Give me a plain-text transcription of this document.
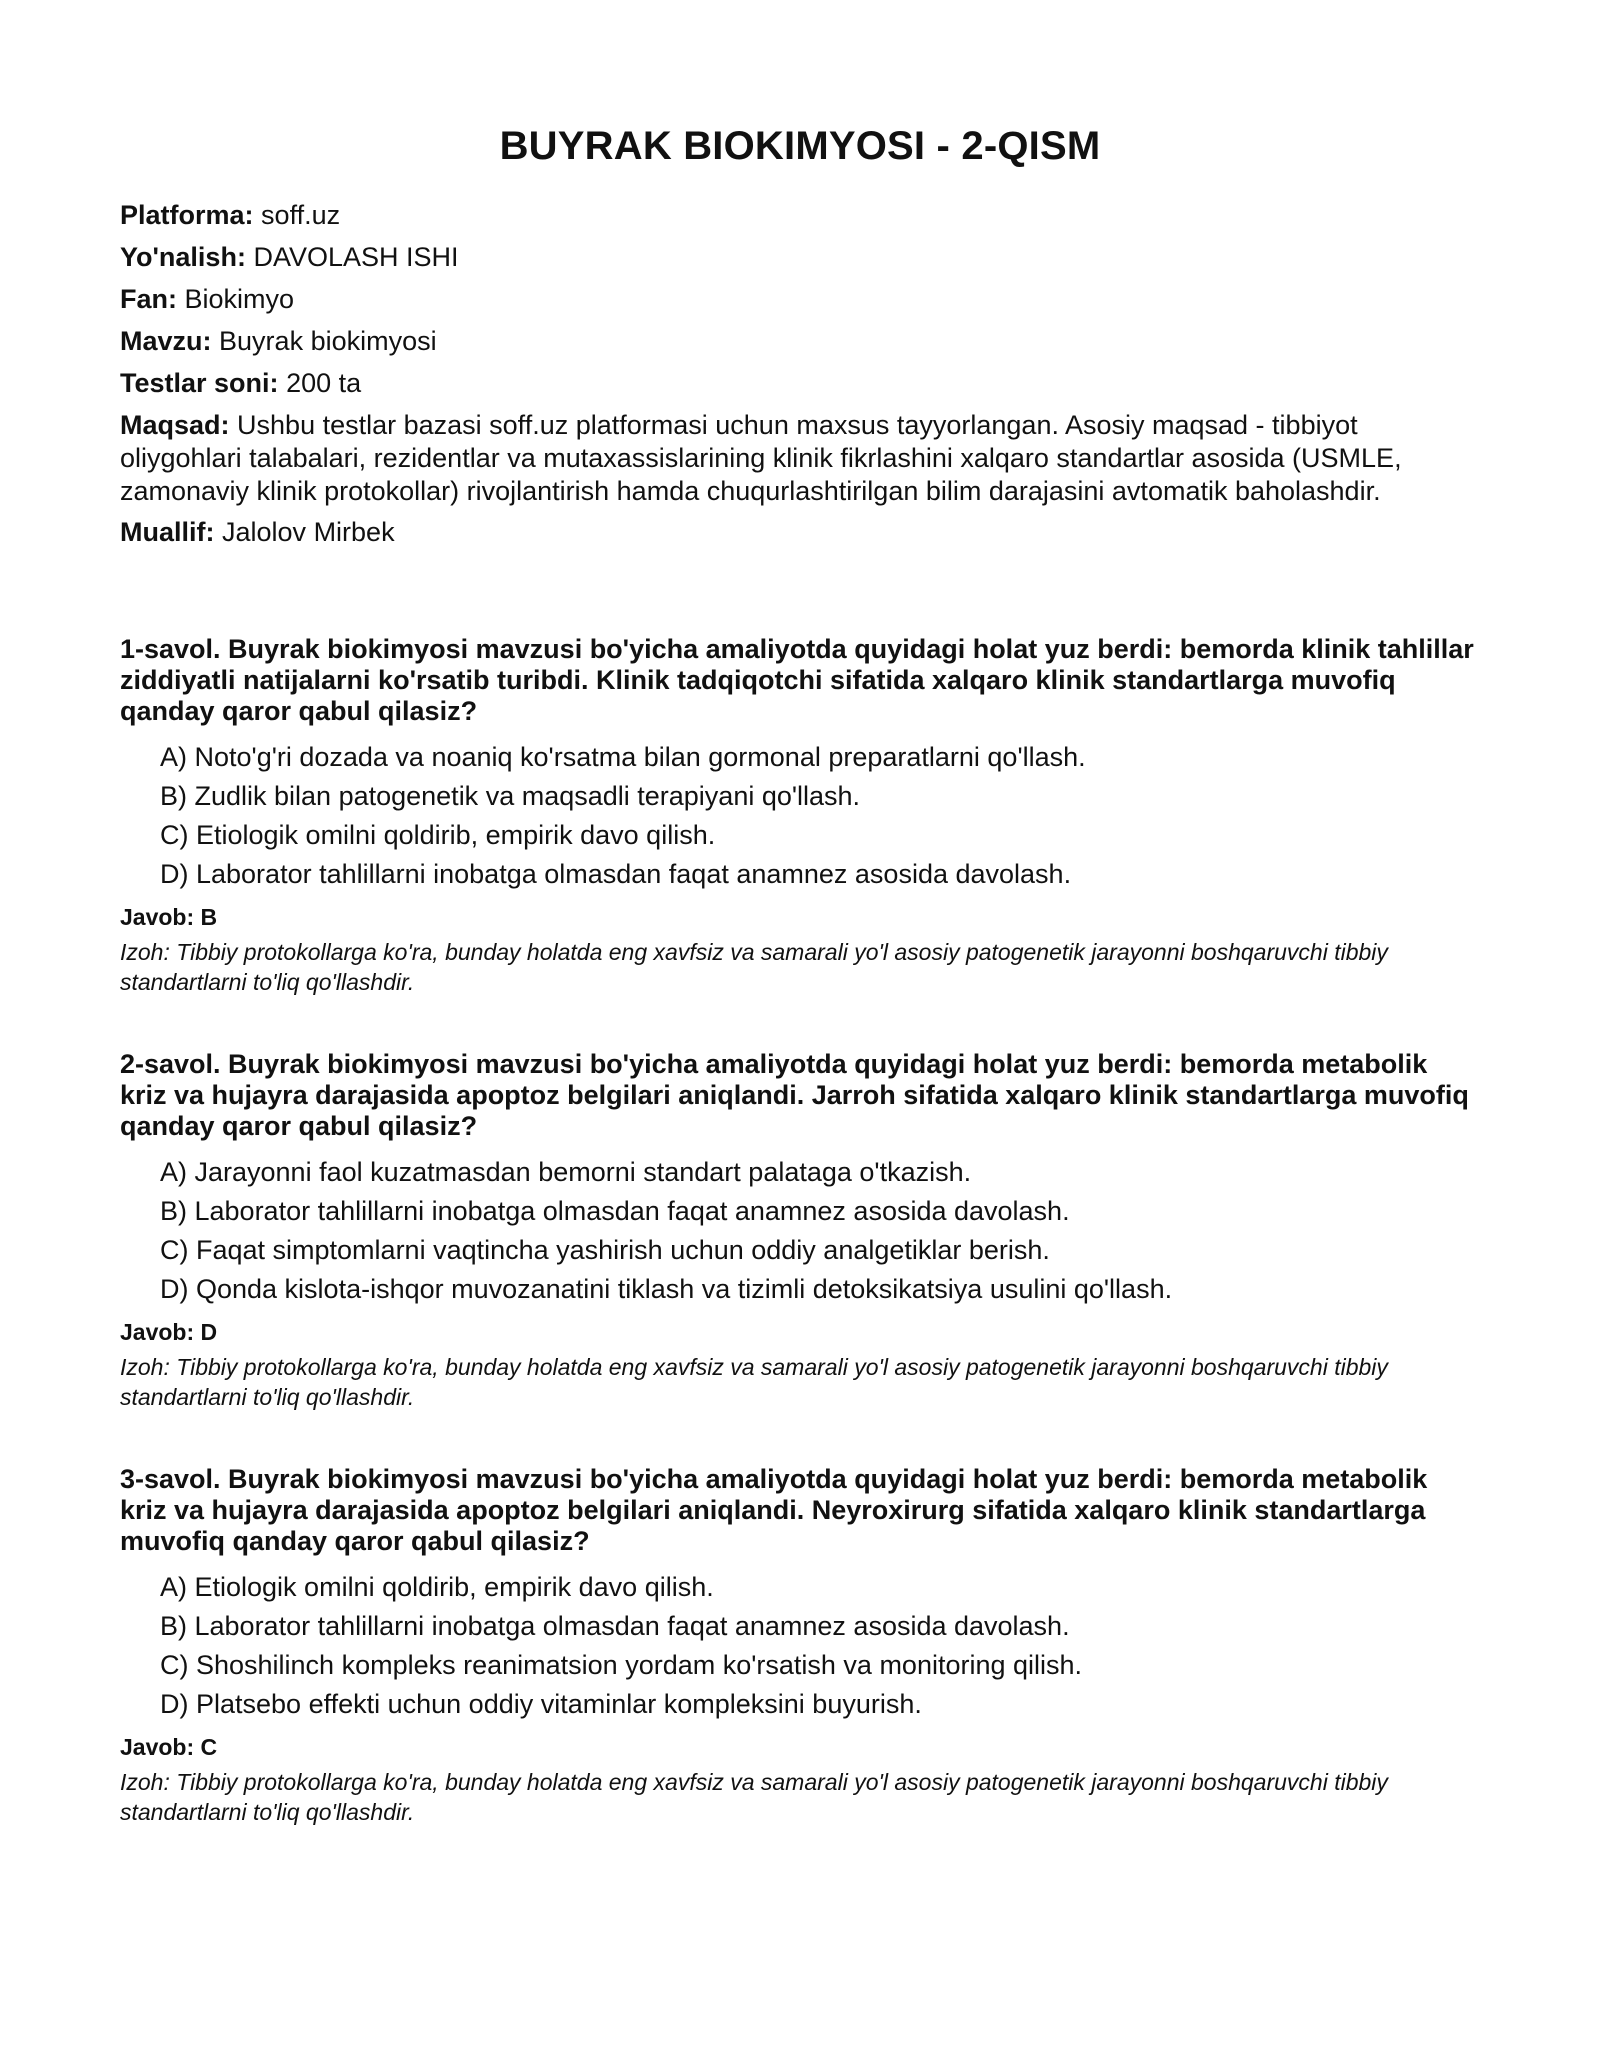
BUYRAK BIOKIMYOSI - 2-QISM
Platforma: soff.uz
Yo'nalish: DAVOLASH ISHI
Fan: Biokimyo
Mavzu: Buyrak biokimyosi
Testlar soni: 200 ta
Maqsad: Ushbu testlar bazasi soff.uz platformasi uchun maxsus tayyorlangan. Asosiy maqsad - tibbiyot oliygohlari talabalari, rezidentlar va mutaxassislarining klinik fikrlashini xalqaro standartlar asosida (USMLE, zamonaviy klinik protokollar) rivojlantirish hamda chuqurlashtirilgan bilim darajasini avtomatik baholashdir.
Muallif: Jalolov Mirbek

1-savol. Buyrak biokimyosi mavzusi bo'yicha amaliyotda quyidagi holat yuz berdi: bemorda klinik tahlillar ziddiyatli natijalarni ko'rsatib turibdi. Klinik tadqiqotchi sifatida xalqaro klinik standartlarga muvofiq qanday qaror qabul qilasiz?

A) Noto'g'ri dozada va noaniq ko'rsatma bilan gormonal preparatlarni qo'llash.
B) Zudlik bilan patogenetik va maqsadli terapiyani qo'llash.
C) Etiologik omilni qoldirib, empirik davo qilish.
D) Laborator tahlillarni inobatga olmasdan faqat anamnez asosida davolash.
Javob: B

Izoh: Tibbiy protokollarga ko'ra, bunday holatda eng xavfsiz va samarali yo'l asosiy patogenetik jarayonni boshqaruvchi tibbiy standartlarni to'liq qo'llashdir.

2-savol. Buyrak biokimyosi mavzusi bo'yicha amaliyotda quyidagi holat yuz berdi: bemorda metabolik kriz va hujayra darajasida apoptoz belgilari aniqlandi. Jarroh sifatida xalqaro klinik standartlarga muvofiq qanday qaror qabul qilasiz?

A) Jarayonni faol kuzatmasdan bemorni standart palataga o'tkazish.
B) Laborator tahlillarni inobatga olmasdan faqat anamnez asosida davolash.
C) Faqat simptomlarni vaqtincha yashirish uchun oddiy analgetiklar berish.
D) Qonda kislota-ishqor muvozanatini tiklash va tizimli detoksikatsiya usulini qo'llash.
Javob: D

Izoh: Tibbiy protokollarga ko'ra, bunday holatda eng xavfsiz va samarali yo'l asosiy patogenetik jarayonni boshqaruvchi tibbiy standartlarni to'liq qo'llashdir.

3-savol. Buyrak biokimyosi mavzusi bo'yicha amaliyotda quyidagi holat yuz berdi: bemorda metabolik kriz va hujayra darajasida apoptoz belgilari aniqlandi. Neyroxirurg sifatida xalqaro klinik standartlarga muvofiq qanday qaror qabul qilasiz?

A) Etiologik omilni qoldirib, empirik davo qilish.
B) Laborator tahlillarni inobatga olmasdan faqat anamnez asosida davolash.
C) Shoshilinch kompleks reanimatsion yordam ko'rsatish va monitoring qilish.
D) Platsebo effekti uchun oddiy vitaminlar kompleksini buyurish.
Javob: C

Izoh: Tibbiy protokollarga ko'ra, bunday holatda eng xavfsiz va samarali yo'l asosiy patogenetik jarayonni boshqaruvchi tibbiy standartlarni to'liq qo'llashdir.
